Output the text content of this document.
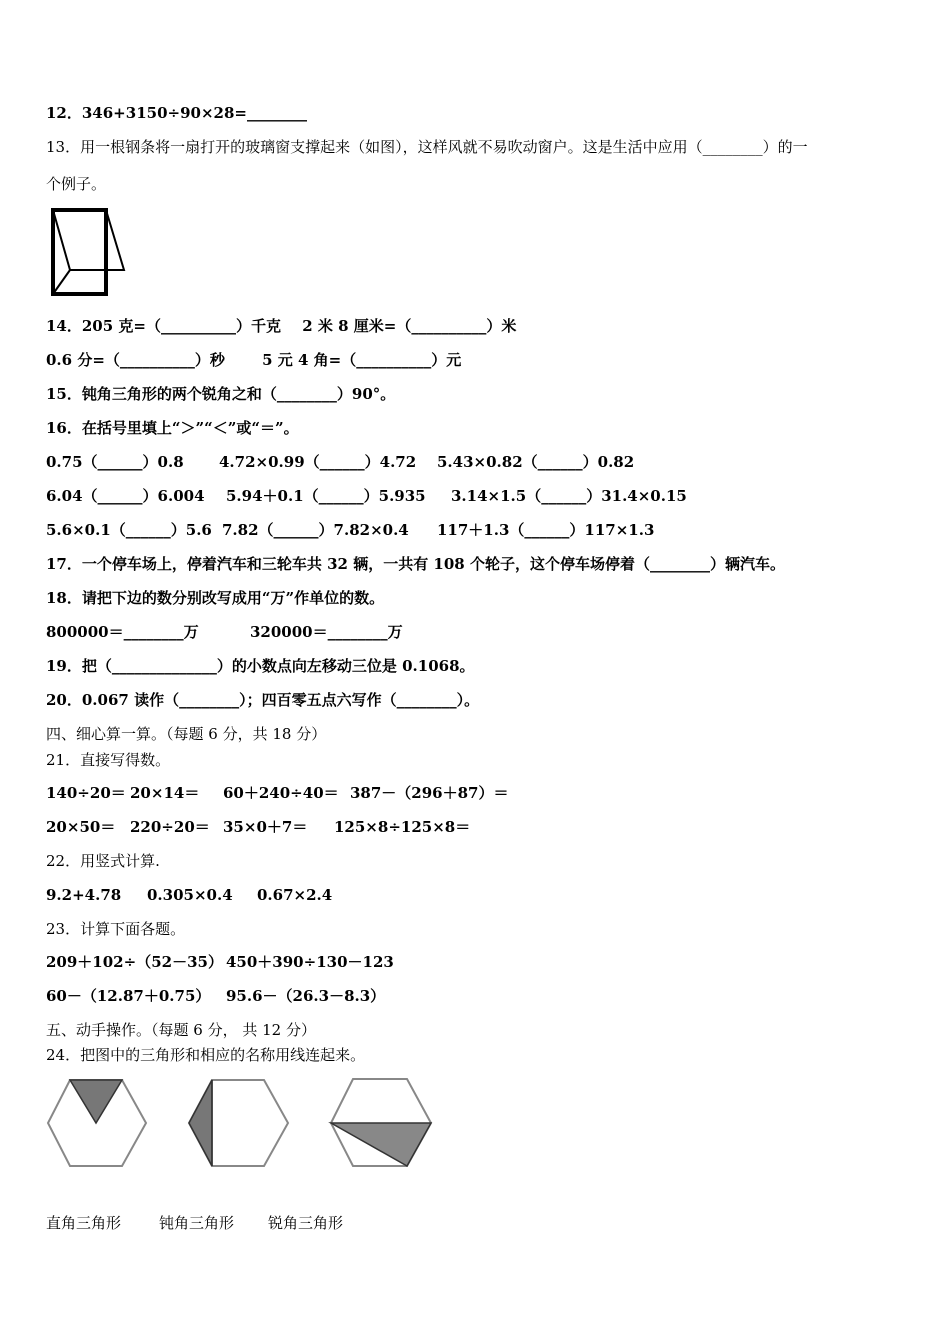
12．346+3150÷90×28=________
13．用一根钢条将一扇打开的玻璃窗支撑起来（如图），这样风就不易吹动窗户。这是生活中应用（________）的一
个例子。
14．205 克=（__________）千克 2 米 8 厘米=（__________）米
0.6 分=（__________）秒 5 元 4 角=（__________）元
15．钝角三角形的两个锐角之和（________）90°。
16．在括号里填上“＞”“＜”或“＝”。
0.75（______）0.8 4.72×0.99（______）4.72 5.43×0.82（______）0.82
6.04（______）6.004 5.94＋0.1（______）5.935 3.14×1.5（______）31.4×0.15
5.6×0.1（______）5.6 7.82（______）7.82×0.4 117＋1.3（______）117×1.3
17．一个停车场上，停着汽车和三轮车共 32 辆，一共有 108 个轮子，这个停车场停着（________）辆汽车。
18．请把下边的数分别改写成用“万”作单位的数。
800000＝________万	320000＝________万
19．把（______________）的小数点向左移动三位是 0.1068。
20．0.067 读作（________）；四百零五点六写作（________）。
四、细心算一算。（每题 6 分，共 18 分）
21．直接写得数。
140÷20＝ 20×14＝ 60＋240÷40＝ 387－（296＋87）＝
20×50＝ 220÷20＝ 35×0＋7＝ 125×8÷125×8＝
22．用竖式计算.
9.2+4.78 0.305×0.4 0.67×2.4
23．计算下面各题。
209＋102÷（52－35） 450＋390÷130－123
60－（12.87＋0.75） 95.6－（26.3－8.3）
五、动手操作。（每题 6 分， 共 12 分）
24．把图中的三角形和相应的名称用线连起来。
直角三角形	钝角三角形 锐角三角形
